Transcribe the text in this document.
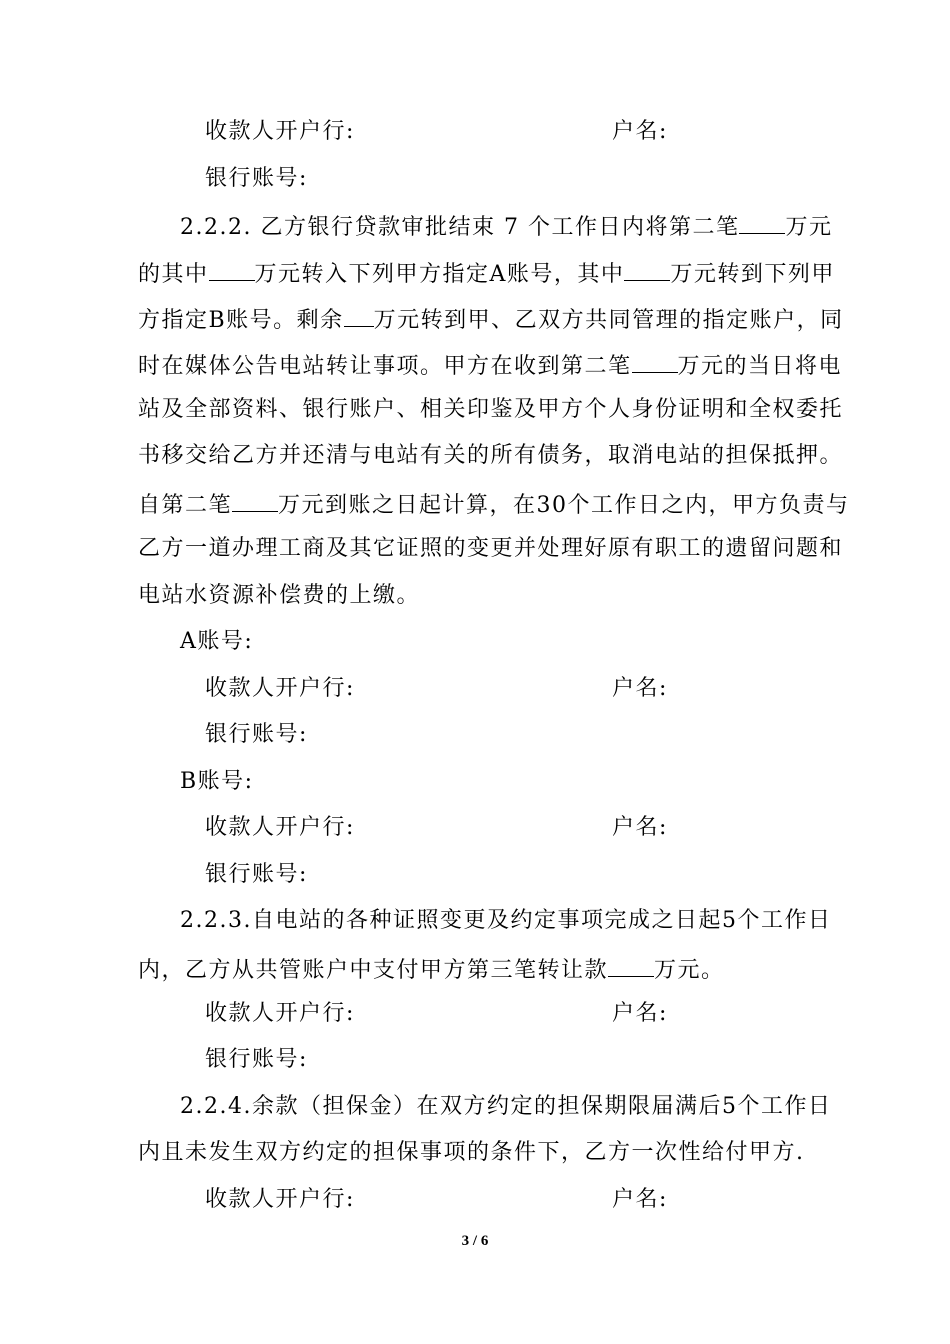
收款人开户行:	户名:
银行账号:
2.2.2. 乙方银行贷款审批结束 7 个工作日内将第二笔 万元
的其中 万元转入下列甲方指定A账号，其中 万元转到下列甲
方指定B账号。剩余 万元转到甲、乙双方共同管理的指定账户，同
时在媒体公告电站转让事项。甲方在收到第二笔 万元的当日将电
站及全部资料、银行账户、相关印鉴及甲方个人身份证明和全权委托
书移交给乙方并还清与电站有关的所有债务，取消电站的担保抵押。
自第二笔 万元到账之日起计算，在30个工作日之内，甲方负责与
乙方一道办理工商及其它证照的变更并处理好原有职工的遗留问题和
电站水资源补偿费的上缴。
A账号:
收款人开户行:	户名:
银行账号:
B账号:
收款人开户行:	户名:
银行账号:
2.2.3.自电站的各种证照变更及约定事项完成之日起5个工作日
内，乙方从共管账户中支付甲方第三笔转让款 万元。
收款人开户行:	户名:
银行账号:
2.2.4.余款（担保金）在双方约定的担保期限届满后5个工作日
内且未发生双方约定的担保事项的条件下，乙方一次性给付甲方.
收款人开户行:	户名:
3 / 6
